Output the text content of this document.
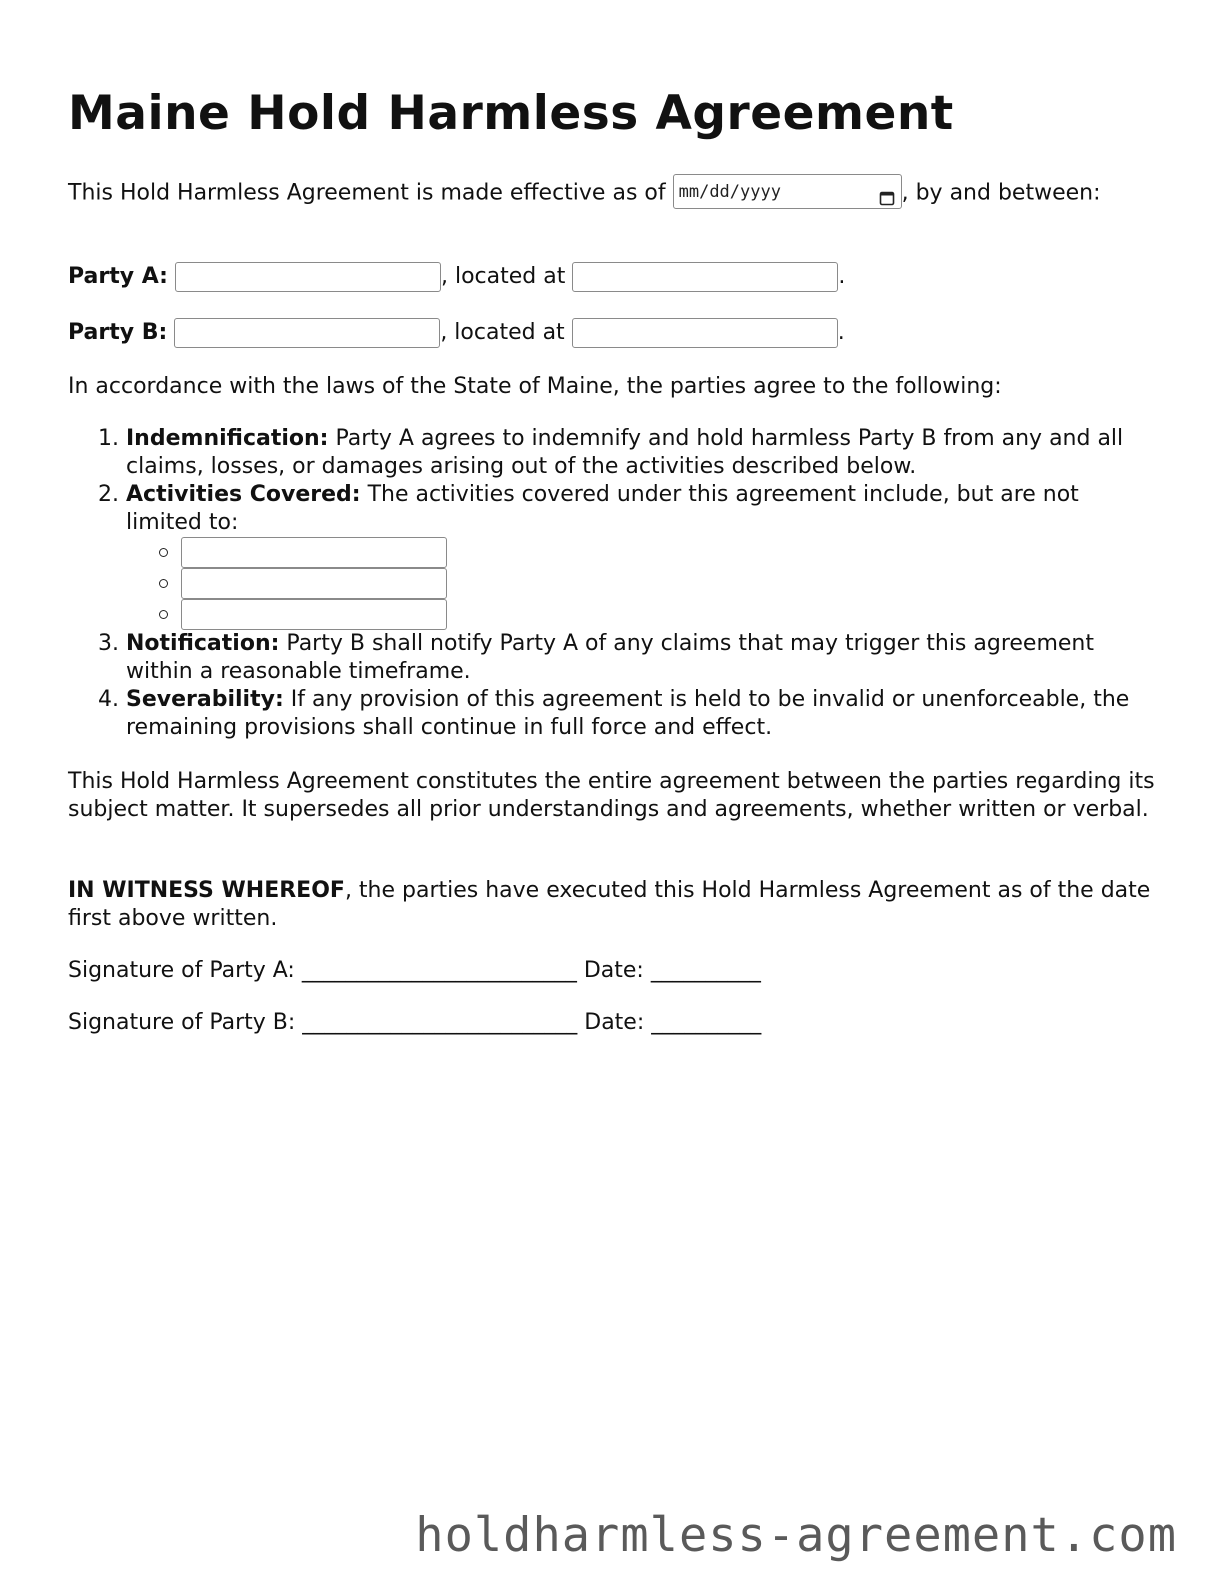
Maine Hold Harmless Agreement

This Hold Harmless Agreement is made effective as of mm/dd/yyyy	, by and between:

Party A:
	, located at
	.
Party B:
	, located at
	.

In accordance with the laws of the State of Maine, the parties agree to the following:

1. Indemnification: Party A agrees to indemnify and hold harmless Party B from any and all claims, losses, or damages arising out of the activities described below.
2. Activities Covered: The activities covered under this agreement include, but are not limited to:
3. Notification: Party B shall notify Party A of any claims that may trigger this agreement within a reasonable timeframe.
4. Severability: If any provision of this agreement is held to be invalid or unenforceable, the remaining provisions shall continue in full force and effect.

This Hold Harmless Agreement constitutes the entire agreement between the parties regarding its subject matter. It supersedes all prior understandings and agreements, whether written or verbal.

IN WITNESS WHEREOF, the parties have executed this Hold Harmless Agreement as of the date first above written.

Signature of Party A: _________________________ Date: __________

Signature of Party B: _________________________ Date: __________

holdharmless-agreement.com
